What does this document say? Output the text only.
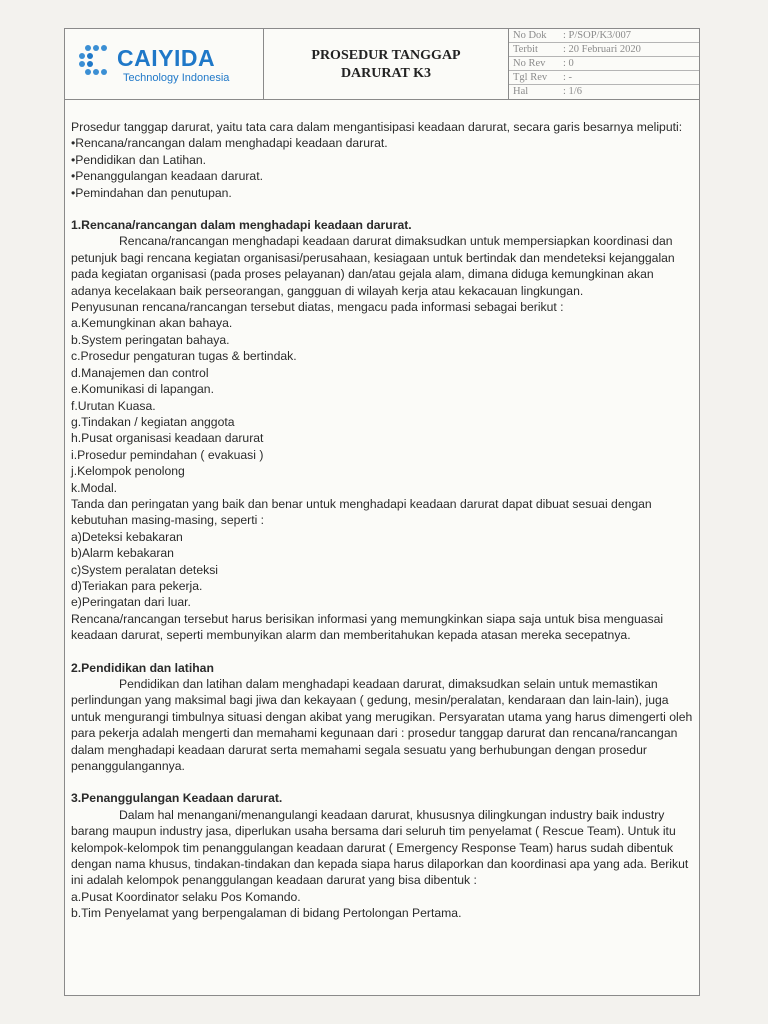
CAIYIDA
Technology Indonesia
PROSEDUR TANGGAP
DARURAT K3
No Dok : P/SOP/K3/007
Terbit : 20 Februari 2020
No Rev : 0
Tgl Rev : -
Hal	: 1/6

Prosedur tanggap darurat, yaitu tata cara dalam mengantisipasi keadaan darurat, secara garis besarnya meliputi:

•Rencana/rancangan dalam menghadapi keadaan darurat.

•Pendidikan dan Latihan.

•Penanggulangan keadaan darurat.

•Pemindahan dan penutupan.

1.Rencana/rancangan dalam menghadapi keadaan darurat.

Rencana/rancangan menghadapi keadaan darurat dimaksudkan untuk mempersiapkan koordinasi dan petunjuk bagi rencana kegiatan organisasi/perusahaan, kesiagaan untuk bertindak dan mendeteksi kejanggalan pada kegiatan organisasi (pada proses pelayanan) dan/atau gejala alam, dimana diduga kemungkinan akan adanya kecelakaan baik perseorangan, gangguan di wilayah kerja atau kekacauan lingkungan.

Penyusunan rencana/rancangan tersebut diatas, mengacu pada informasi sebagai berikut :

a.Kemungkinan akan bahaya.

b.System peringatan bahaya.

c.Prosedur pengaturan tugas & bertindak.

d.Manajemen dan control

e.Komunikasi di lapangan.

f.Urutan Kuasa.

g.Tindakan / kegiatan anggota

h.Pusat organisasi keadaan darurat

i.Prosedur pemindahan ( evakuasi )

j.Kelompok penolong

k.Modal.

Tanda dan peringatan yang baik dan benar untuk menghadapi keadaan darurat dapat dibuat sesuai dengan kebutuhan masing-masing, seperti :

a)Deteksi kebakaran

b)Alarm kebakaran

c)System peralatan deteksi

d)Teriakan para pekerja.

e)Peringatan dari luar.

Rencana/rancangan tersebut harus berisikan informasi yang memungkinkan siapa saja untuk bisa menguasai keadaan darurat, seperti membunyikan alarm dan memberitahukan kepada atasan mereka secepatnya.

2.Pendidikan dan latihan

Pendidikan dan latihan dalam menghadapi keadaan darurat, dimaksudkan selain untuk memastikan perlindungan yang maksimal bagi jiwa dan kekayaan ( gedung, mesin/peralatan, kendaraan dan lain-lain), juga untuk mengurangi timbulnya situasi dengan akibat yang merugikan. Persyaratan utama yang harus dimengerti oleh para pekerja adalah mengerti dan memahami kegunaan dari : prosedur tanggap darurat dan rencana/rancangan dalam menghadapi keadaan darurat serta memahami segala sesuatu yang berhubungan dengan prosedur penanggulangannya.

3.Penanggulangan Keadaan darurat.

Dalam hal menangani/menangulangi keadaan darurat, khususnya dilingkungan industry baik industry barang maupun industry jasa, diperlukan usaha bersama dari seluruh tim penyelamat ( Rescue Team). Untuk itu kelompok-kelompok tim penanggulangan keadaan darurat ( Emergency Response Team) harus sudah dibentuk dengan nama khusus, tindakan-tindakan dan kepada siapa harus dilaporkan dan koordinasi apa yang ada. Berikut ini adalah kelompok penanggulangan keadaan darurat yang bisa dibentuk :

a.Pusat Koordinator selaku Pos Komando.

b.Tim Penyelamat yang berpengalaman di bidang Pertolongan Pertama.
